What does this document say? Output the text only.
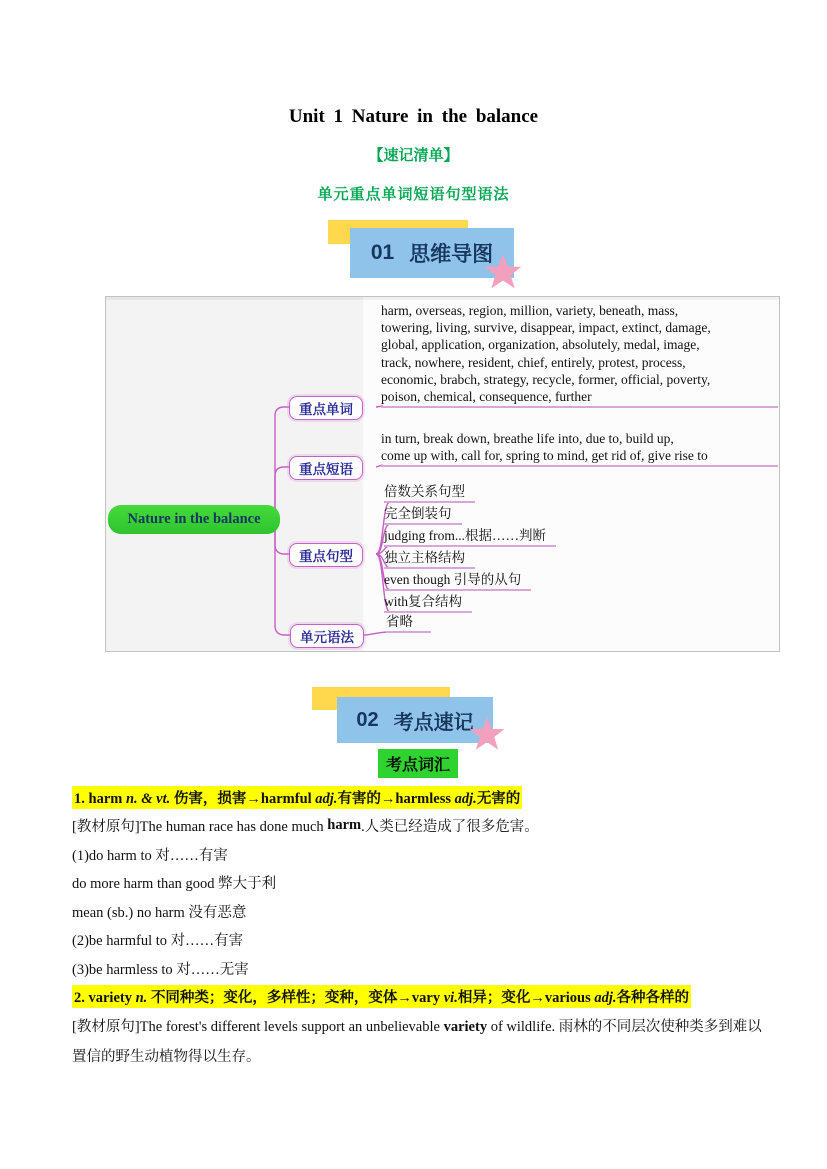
Unit 1 Nature in the balance
【速记清单】
单元重点单词短语句型语法
01 思维导图
Nature in the balance
重点单词
重点短语
重点句型
单元语法
harm, overseas, region, million, variety, beneath, mass,
towering, living, survive, disappear, impact, extinct, damage,
global, application, organization, absolutely, medal, image,
track, nowhere, resident, chief, entirely, protest, process,
economic, brabch, strategy, recycle, former, official, poverty,
poison, chemical, consequence, further
in turn, break down, breathe life into, due to, build up,
come up with, call for, spring to mind, get rid of, give rise to
倍数关系句型
完全倒装句
judging from...根据……判断
独立主格结构
even though 引导的从句
with复合结构
省略
02 考点速记
考点词汇
1. harm n. & vt. 伤害，损害→harmful adj.有害的→harmless adj.无害的
[教材原句]The human race has done much harm .人类已经造成了很多危害。
(1)do harm to 对……有害
do more harm than good 弊大于利
mean (sb.) no harm 没有恶意
(2)be harmful to 对……有害
(3)be harmless to 对……无害
2. variety n. 不同种类；变化，多样性；变种，变体→vary vi.相异；变化→various adj.各种各样的
[教材原句]The forest's different levels support an unbelievable variety of wildlife. 雨林的不同层次使种类多到难以置信的野生动植物得以生存。
